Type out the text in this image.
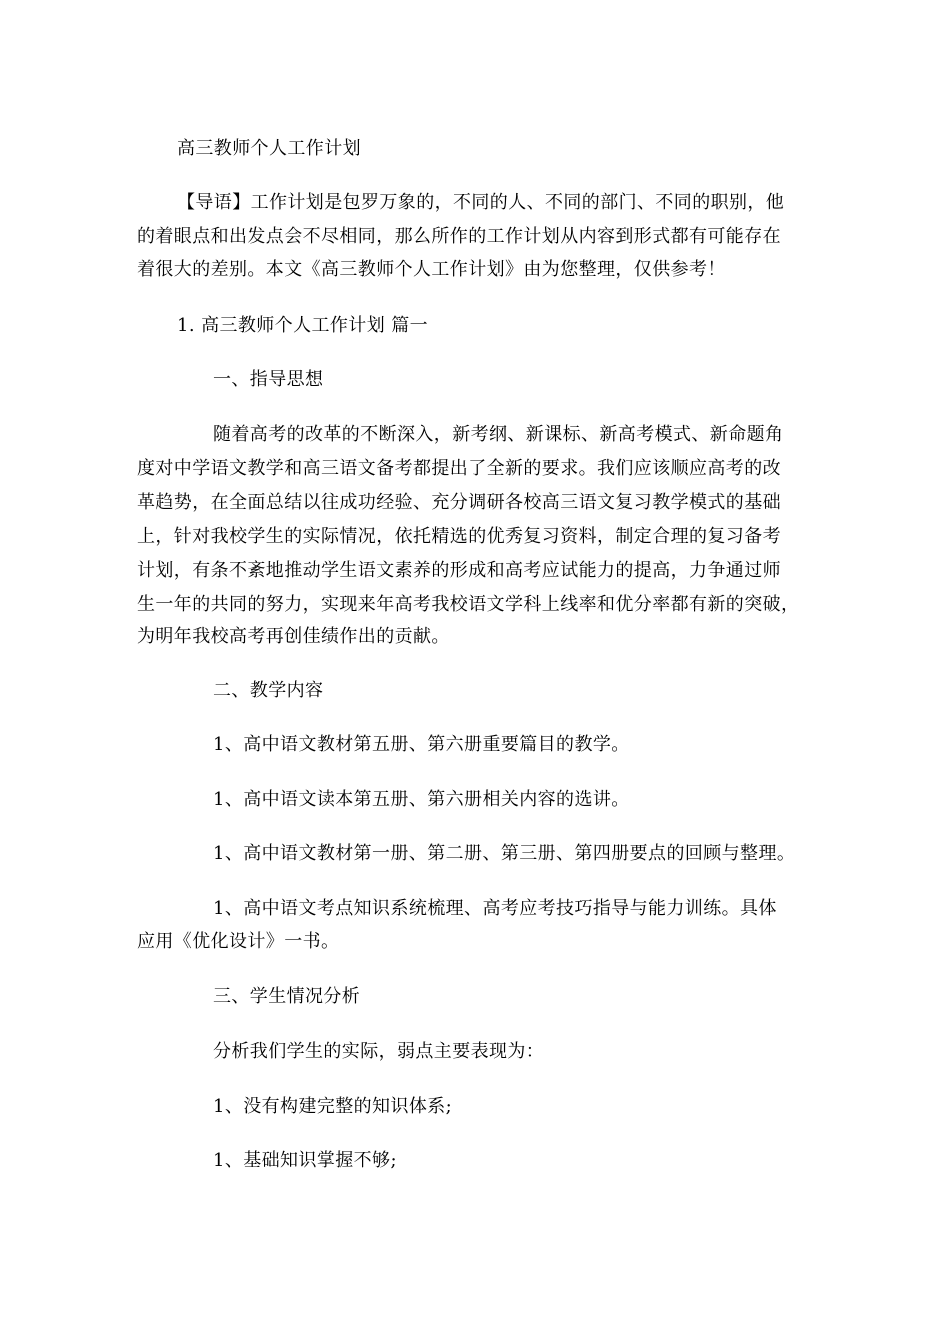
高三教师个人工作计划
【导语】工作计划是包罗万象的，不同的人、不同的部门、不同的职别，他
的着眼点和出发点会不尽相同，那么所作的工作计划从内容到形式都有可能存在
着很大的差别。本文《高三教师个人工作计划》由为您整理，仅供参考！
1. 高三教师个人工作计划 篇一
一、指导思想
随着高考的改革的不断深入，新考纲、新课标、新高考模式、新命题角
度对中学语文教学和高三语文备考都提出了全新的要求。我们应该顺应高考的改
革趋势，在全面总结以往成功经验、充分调研各校高三语文复习教学模式的基础
上，针对我校学生的实际情况，依托精选的优秀复习资料，制定合理的复习备考
计划，有条不紊地推动学生语文素养的形成和高考应试能力的提高，力争通过师
生一年的共同的努力，实现来年高考我校语文学科上线率和优分率都有新的突破，
为明年我校高考再创佳绩作出的贡献。
二、教学内容
1、高中语文教材第五册、第六册重要篇目的教学。
1、高中语文读本第五册、第六册相关内容的选讲。
1、高中语文教材第一册、第二册、第三册、第四册要点的回顾与整理。
1、高中语文考点知识系统梳理、高考应考技巧指导与能力训练。具体
应用《优化设计》一书。
三、学生情况分析
分析我们学生的实际，弱点主要表现为：
1、没有构建完整的知识体系;
1、基础知识掌握不够;
